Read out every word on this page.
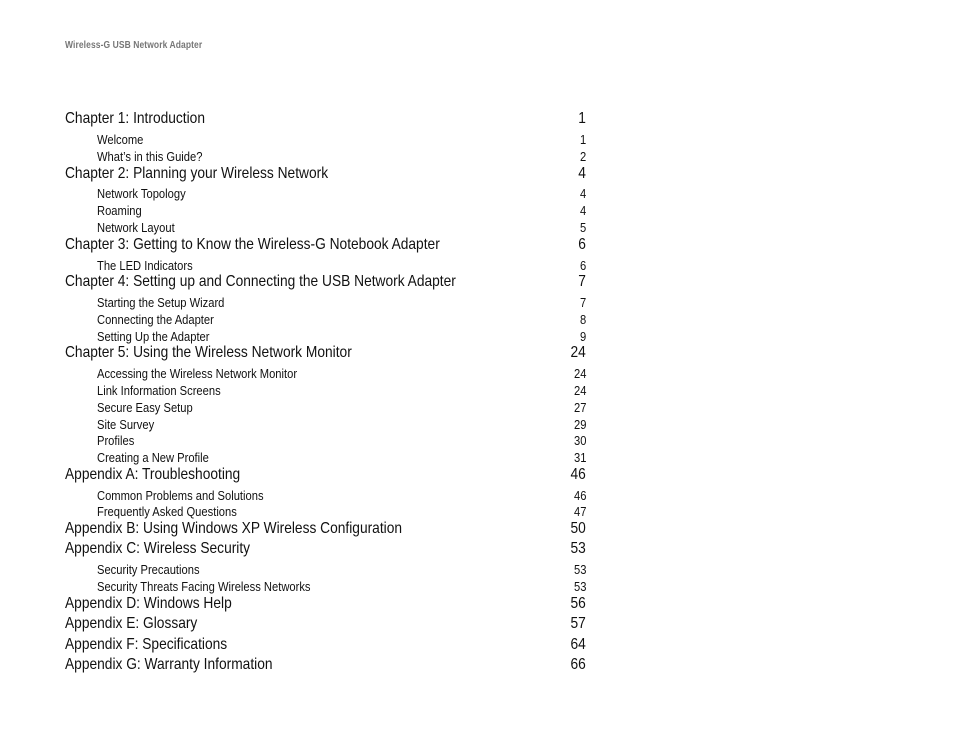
Wireless-G USB Network Adapter
Chapter 1: Introduction	1
Welcome	1
What’s in this Guide?	2
Chapter 2: Planning your Wireless Network	4
Network Topology	4
Roaming	4
Network Layout	5
Chapter 3: Getting to Know the Wireless-G Notebook Adapter	6
The LED Indicators	6
Chapter 4: Setting up and Connecting the USB Network Adapter	7
Starting the Setup Wizard	7
Connecting the Adapter	8
Setting Up the Adapter	9
Chapter 5: Using the Wireless Network Monitor	24
Accessing the Wireless Network Monitor	24
Link Information Screens	24
Secure Easy Setup	27
Site Survey	29
Profiles	30
Creating a New Profile	31
Appendix A: Troubleshooting	46
Common Problems and Solutions	46
Frequently Asked Questions	47
Appendix B: Using Windows XP Wireless Configuration	50
Appendix C: Wireless Security	53
Security Precautions	53
Security Threats Facing Wireless Networks	53
Appendix D: Windows Help	56
Appendix E: Glossary	57
Appendix F: Specifications	64
Appendix G: Warranty Information	66
